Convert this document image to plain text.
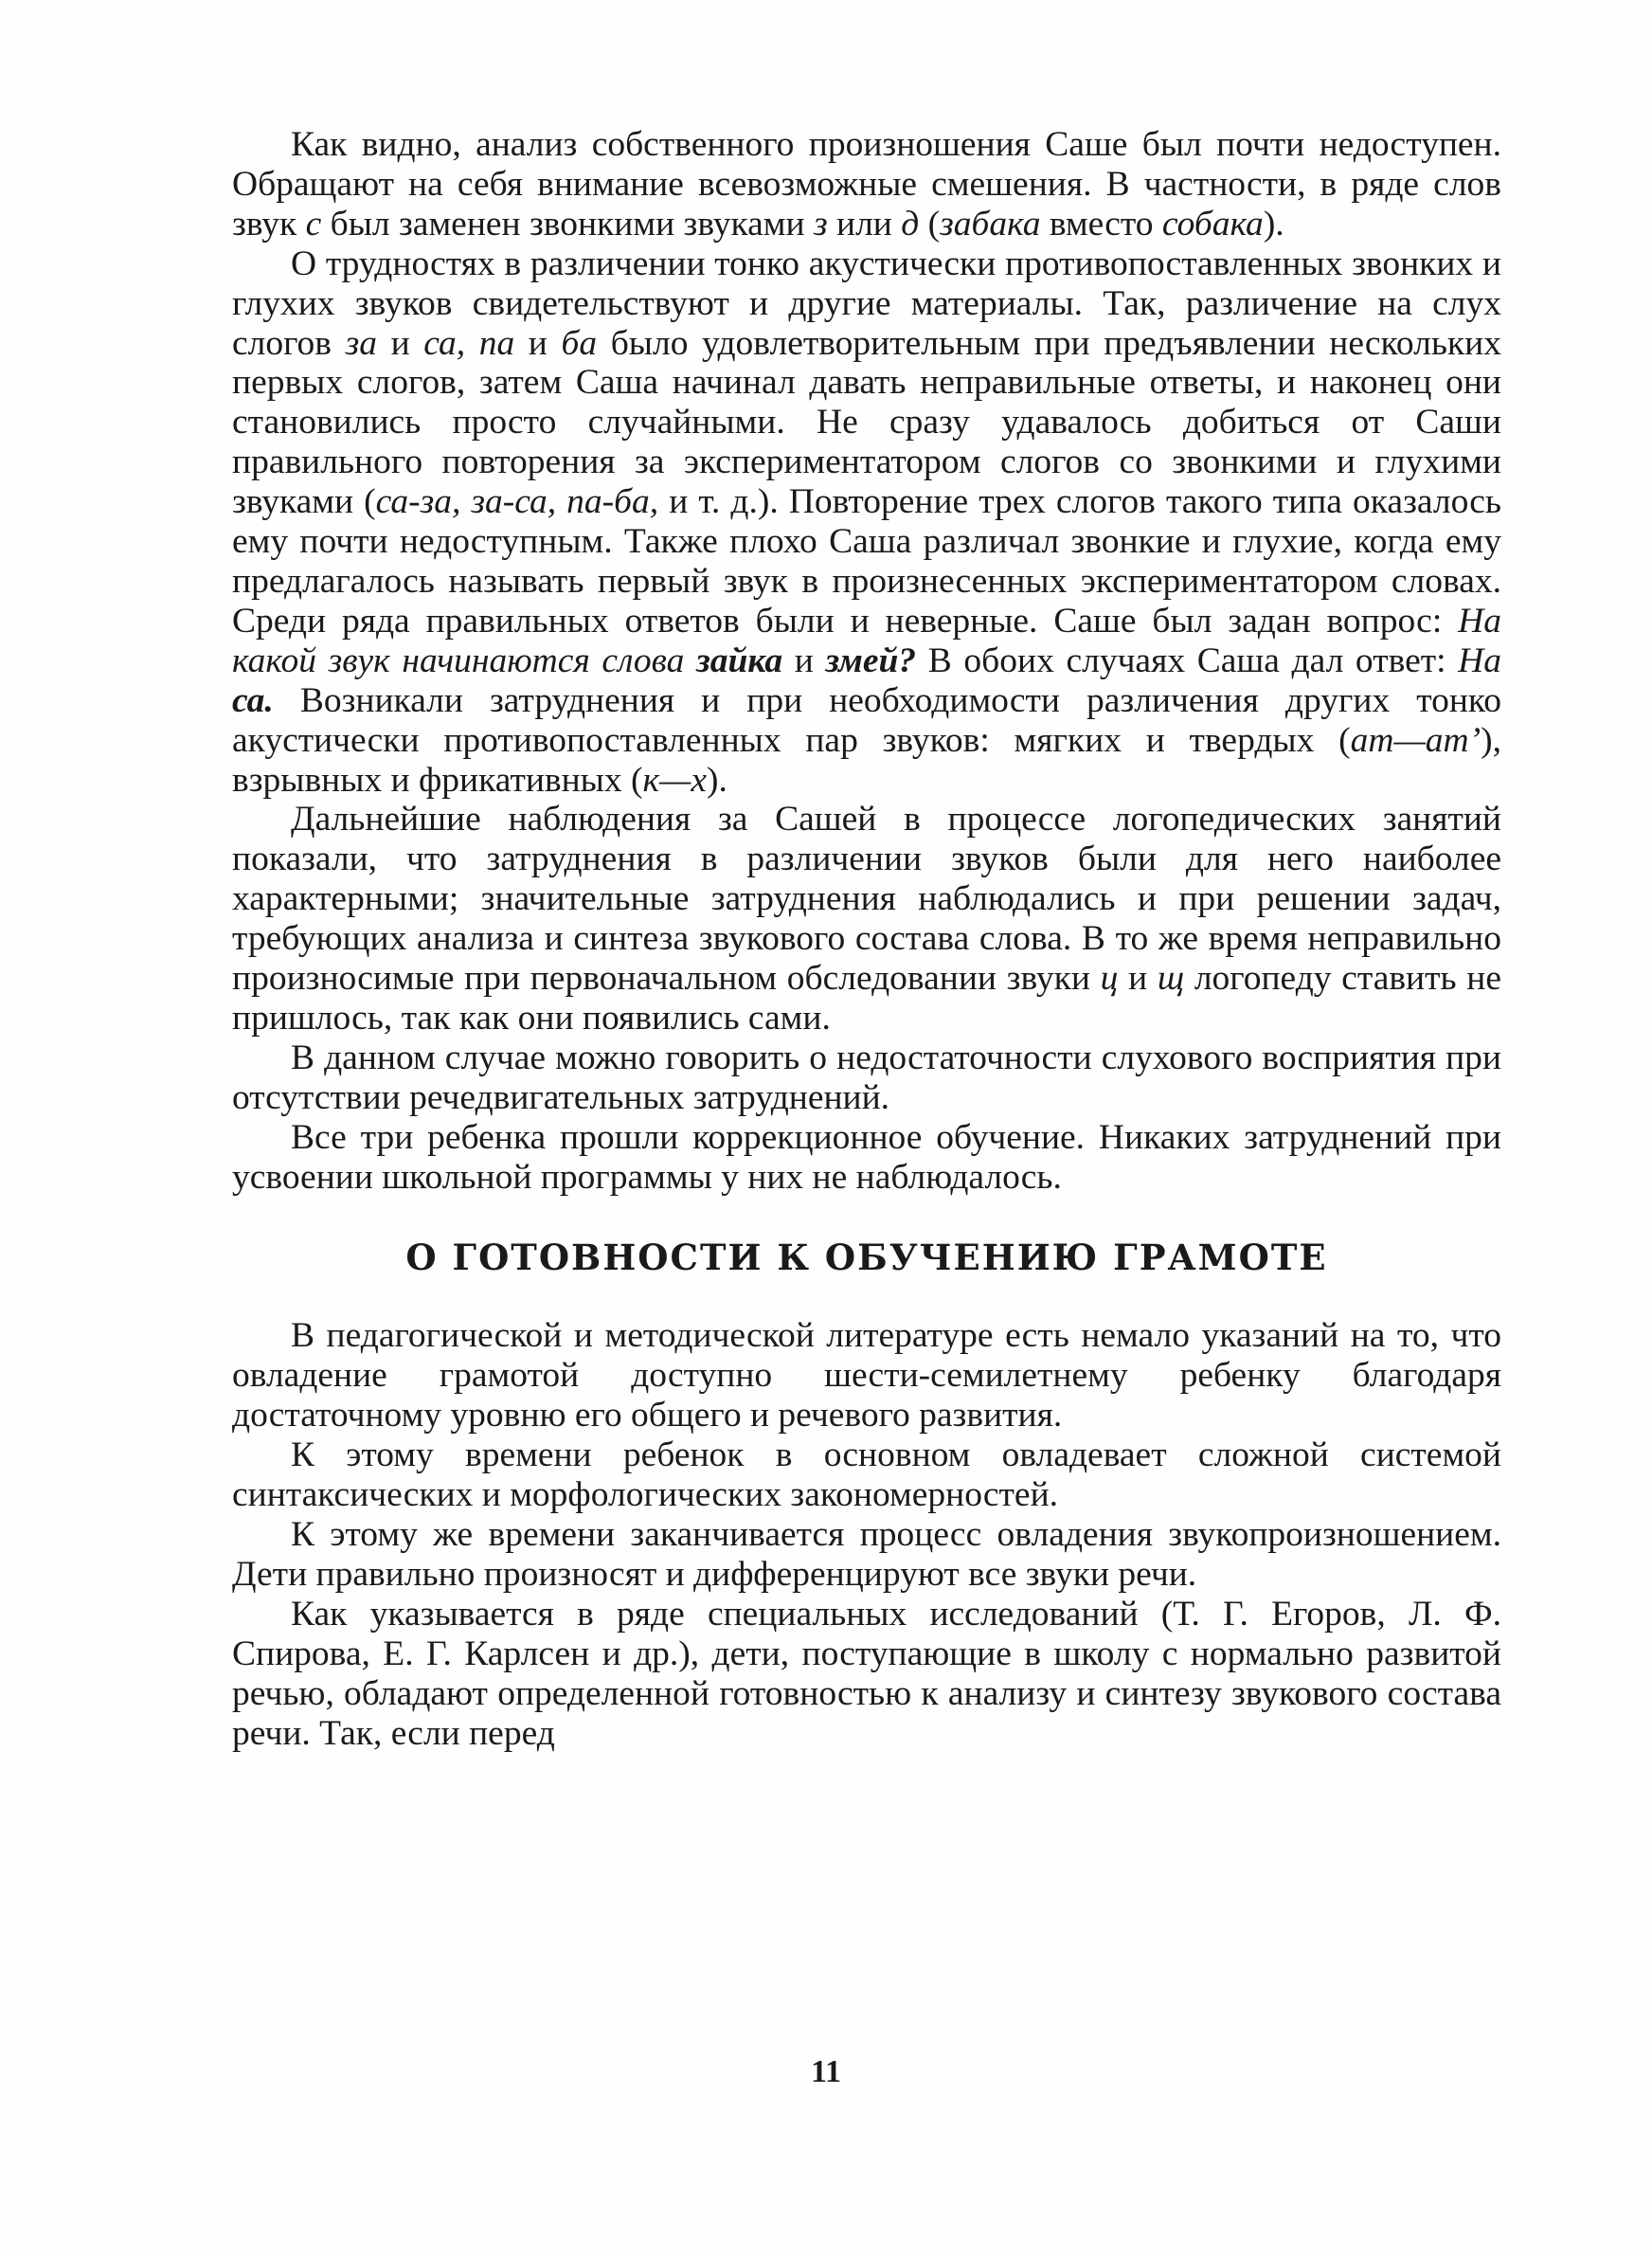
Как видно, анализ собственного произношения Саше был почти недоступен. Обращают на себя внимание всевозможные смешения. В частности, в ряде слов звук с был заменен звонкими звуками з или д (забака вместо собака).

О трудностях в различении тонко акустически противопоставленных звонких и глухих звуков свидетельствуют и другие материалы. Так, различение на слух слогов за и са, па и ба было удовлетворительным при предъявлении нескольких первых слогов, затем Саша начинал давать неправильные ответы, и наконец они становились просто случайными. Не сразу удавалось добиться от Саши правильного повторения за экспериментатором слогов со звонкими и глухими звуками (са-за, за-са, па-ба, и т. д.). Повторение трех слогов такого типа оказалось ему почти недоступным. Также плохо Саша различал звонкие и глухие, когда ему предлагалось называть первый звук в произнесенных экспериментатором словах. Среди ряда правильных ответов были и неверные. Саше был задан вопрос: На какой звук начинаются слова зайка и змей? В обоих случаях Саша дал ответ: На са. Возникали затруднения и при необходимости различения других тонко акустически противопоставленных пар звуков: мягких и твердых (ат—ат’), взрывных и фрикативных (к—х).

Дальнейшие наблюдения за Сашей в процессе логопедических занятий показали, что затруднения в различении звуков были для него наиболее характерными; значительные затруднения наблюдались и при решении задач, требующих анализа и синтеза звукового состава слова. В то же время неправильно произносимые при первоначальном обследовании звуки ц и щ логопеду ставить не пришлось, так как они появились сами.

В данном случае можно говорить о недостаточности слухового восприятия при отсутствии речедвигательных затруднений.

Все три ребенка прошли коррекционное обучение. Никаких затруднений при усвоении школьной программы у них не наблюдалось.

О ГОТОВНОСТИ К ОБУЧЕНИЮ ГРАМОТЕ

В педагогической и методической литературе есть немало указаний на то, что овладение грамотой доступно шести-семилетнему ребенку благодаря достаточному уровню его общего и речевого развития.

К этому времени ребенок в основном овладевает сложной системой синтаксических и морфологических закономерностей.

К этому же времени заканчивается процесс овладения звукопроизношением. Дети правильно произносят и дифференцируют все звуки речи.

Как указывается в ряде специальных исследований (Т. Г. Егоров, Л. Ф. Спирова, Е. Г. Карлсен и др.), дети, поступающие в школу с нормально развитой речью, обладают определенной готовностью к анализу и синтезу звукового состава речи. Так, если перед

11
